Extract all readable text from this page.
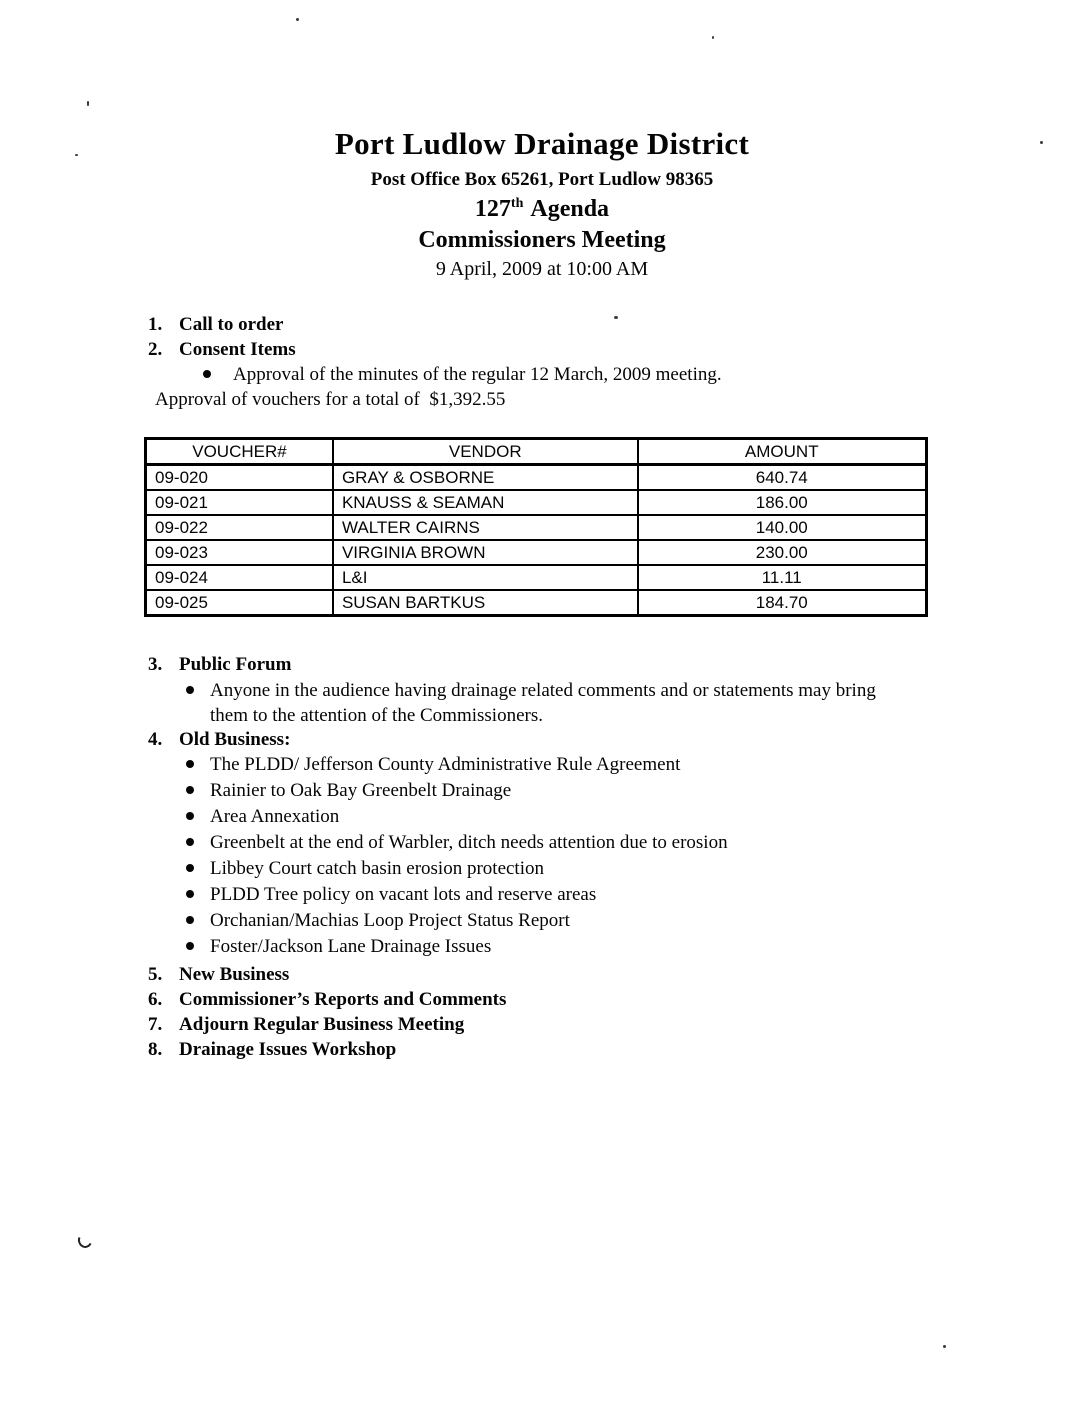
Port Ludlow Drainage District
Post Office Box 65261, Port Ludlow 98365
127th Agenda
Commissioners Meeting
9 April, 2009 at 10:00 AM
1. Call to order
2. Consent Items
Approval of the minutes of the regular 12 March, 2009 meeting.
Approval of vouchers for a total of  $1,392.55
VOUCHER#	VENDOR	AMOUNT
09-020	GRAY & OSBORNE	640.74
09-021	KNAUSS & SEAMAN	186.00
09-022	WALTER CAIRNS	140.00
09-023	VIRGINIA BROWN	230.00
09-024	L&I	11.11
09-025	SUSAN BARTKUS	184.70
3. Public Forum
Anyone in the audience having drainage related comments and or statements may bring them to the attention of the Commissioners.
4. Old Business:
The PLDD/ Jefferson County Administrative Rule Agreement
Rainier to Oak Bay Greenbelt Drainage
Area Annexation
Greenbelt at the end of Warbler, ditch needs attention due to erosion
Libbey Court catch basin erosion protection
PLDD Tree policy on vacant lots and reserve areas
Orchanian/Machias Loop Project Status Report
Foster/Jackson Lane Drainage Issues
5. New Business
6. Commissioner’s Reports and Comments
7. Adjourn Regular Business Meeting
8. Drainage Issues Workshop
